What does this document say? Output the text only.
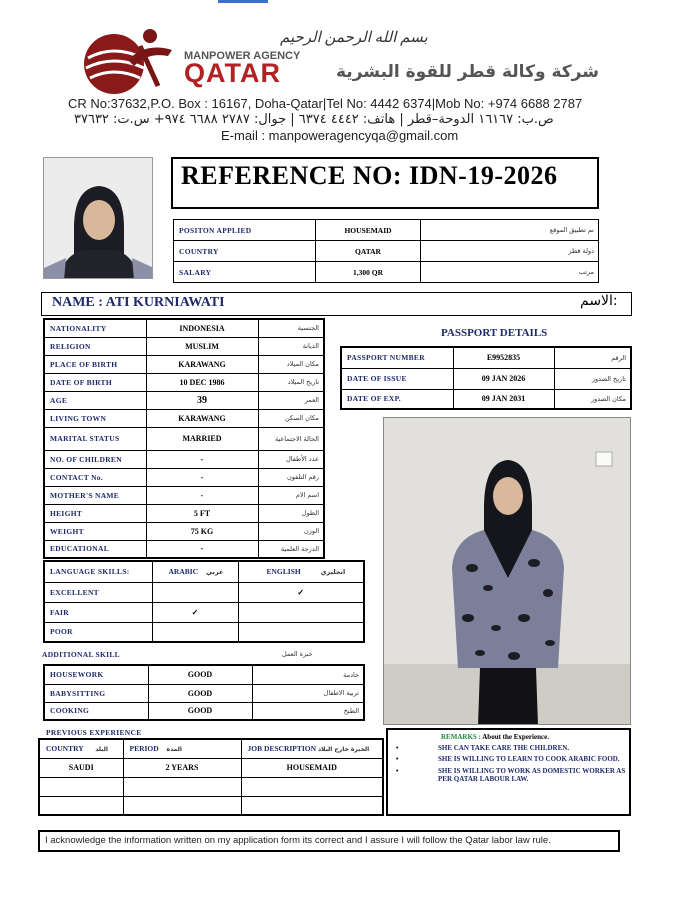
بسم الله الرحمن الرحيم
MANPOWER AGENCY
QATAR	شركة وكالة قطر للقوة البشرية
CR No:37632,P.O. Box : 16167, Doha-Qatar|Tel No: 4442 6374|Mob No: +974 6688 2787
ص.ب: ١٦١٦٧ الدوحة–قطر | هاتف: ٤٤٤٢ ٦٣٧٤ | جوال: ٢٧٨٧ ٦٦٨٨ ٩٧٤+ س.ت: ٣٧٦٣٢
E-mail : manpoweragencyqa@gmail.com
REFERENCE NO: IDN-19-2026
POSITON APPLIED	HOUSEMAID	تم تطبيق الموقع
COUNTRY	QATAR	دولة قطر
SALARY	1,300 QR	مرتب
NAME : ATI KURNIAWATI	الاسم:
NATIONALITY	INDONESIA	الجنسية
RELIGION	MUSLIM	الديانة
PLACE OF BIRTH	KARAWANG	مكان الميلاد
DATE OF BIRTH	10 DEC 1986	تاريخ الميلاد
AGE	39	العمر
LIVING TOWN	KARAWANG	مكان السكن
MARITAL STATUS	MARRIED	الحالة الاجتماعية
NO. OF CHILDREN	-	عدد الأطفال
CONTACT No.	-	رقم التلفون
MOTHER'S NAME	-	اسم الام
HEIGHT	5 FT	الطول
WEIGHT	75 KG	الوزن
EDUCATIONAL	-	الدرجة العلمية
PASSPORT DETAILS
PASSPORT NUMBER	E9952835	الرقم
DATE OF ISSUE	09 JAN 2026	تاريخ الصدور
DATE OF EXP.	09 JAN 2031	مكان الصدور
LANGUAGE SKILLS:	ARABIC عربي	ENGLISH انجليزي
EXCELLENT		✓
FAIR	✓	
POOR		
ADDITIONAL SKILL	خبرة العمل
HOUSEWORK	GOOD	خادمة
BABYSITTING	GOOD	تربية الاطفال
COOKING	GOOD	الطبخ
PREVIOUS EXPERIENCE
COUNTRY البلد	PERIOD المدة	JOB DESCRIPTION الخبرة خارج البلاد
SAUDI	2 YEARS	HOUSEMAID

REMARKS : About the Experience.
• SHE CAN TAKE CARE THE CHILDREN.
• SHE IS WILLING TO LEARN TO COOK ARABIC FOOD.
• SHE IS WILLING TO WORK AS DOMESTIC WORKER AS PER QATAR LABOUR LAW.
I acknowledge the information written on my application form its correct and I assure I will follow the Qatar labor law rule.
